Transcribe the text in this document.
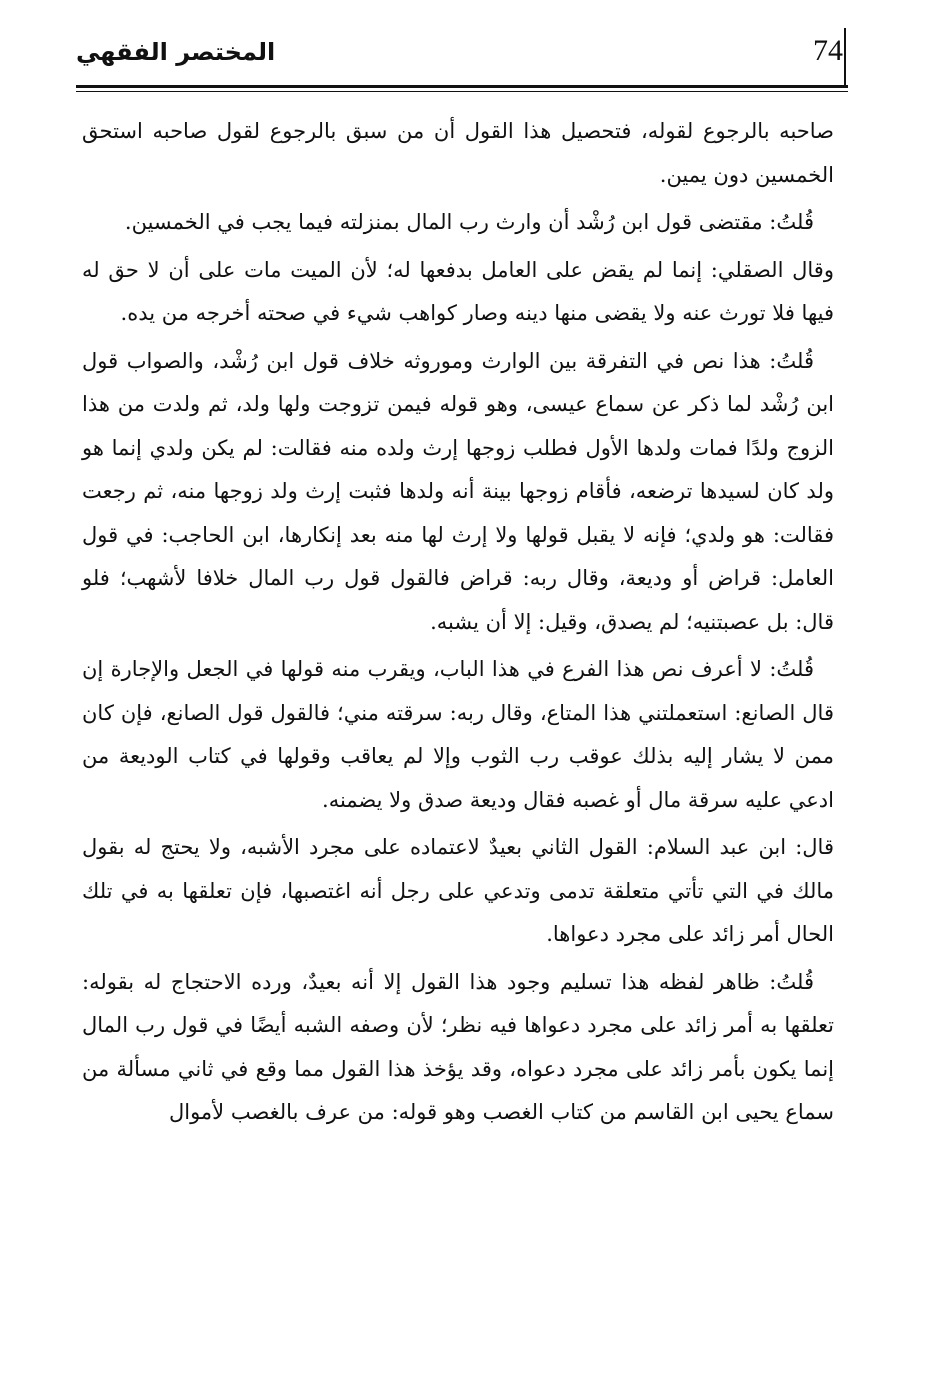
74
المختصر الفقهي

صاحبه بالرجوع لقوله، فتحصيل هذا القول أن من سبق بالرجوع لقول صاحبه استحق الخمسين دون يمين.

قُلتُ: مقتضى قول ابن رُشْد أن وارث رب المال بمنزلته فيما يجب في الخمسين.

وقال الصقلي: إنما لم يقض على العامل بدفعها له؛ لأن الميت مات على أن لا حق له فيها فلا تورث عنه ولا يقضى منها دينه وصار كواهب شيء في صحته أخرجه من يده.

قُلتُ: هذا نص في التفرقة بين الوارث وموروثه خلاف قول ابن رُشْد، والصواب قول ابن رُشْد لما ذكر عن سماع عيسى، وهو قوله فيمن تزوجت ولها ولد، ثم ولدت من هذا الزوج ولدًا فمات ولدها الأول فطلب زوجها إرث ولده منه فقالت: لم يكن ولدي إنما هو ولد كان لسيدها ترضعه، فأقام زوجها بينة أنه ولدها فثبت إرث ولد زوجها منه، ثم رجعت فقالت: هو ولدي؛ فإنه لا يقبل قولها ولا إرث لها منه بعد إنكارها، ابن الحاجب: في قول العامل: قراض أو وديعة، وقال ربه: قراض فالقول قول رب المال خلافا لأشهب؛ فلو قال: بل عصبتنيه؛ لم يصدق، وقيل: إلا أن يشبه.

قُلتُ: لا أعرف نص هذا الفرع في هذا الباب، ويقرب منه قولها في الجعل والإجارة إن قال الصانع: استعملتني هذا المتاع، وقال ربه: سرقته مني؛ فالقول قول الصانع، فإن كان ممن لا يشار إليه بذلك عوقب رب الثوب وإلا لم يعاقب وقولها في كتاب الوديعة من ادعي عليه سرقة مال أو غصبه فقال وديعة صدق ولا يضمنه.

قال: ابن عبد السلام: القول الثاني بعيدٌ لاعتماده على مجرد الأشبه، ولا يحتج له بقول مالك في التي تأتي متعلقة تدمى وتدعي على رجل أنه اغتصبها، فإن تعلقها به في تلك الحال أمر زائد على مجرد دعواها.

قُلتُ: ظاهر لفظه هذا تسليم وجود هذا القول إلا أنه بعيدٌ، ورده الاحتجاج له بقوله: تعلقها به أمر زائد على مجرد دعواها فيه نظر؛ لأن وصفه الشبه أيضًا في قول رب المال إنما يكون بأمر زائد على مجرد دعواه، وقد يؤخذ هذا القول مما وقع في ثاني مسألة من سماع يحيى ابن القاسم من كتاب الغصب وهو قوله: من عرف بالغصب لأموال
